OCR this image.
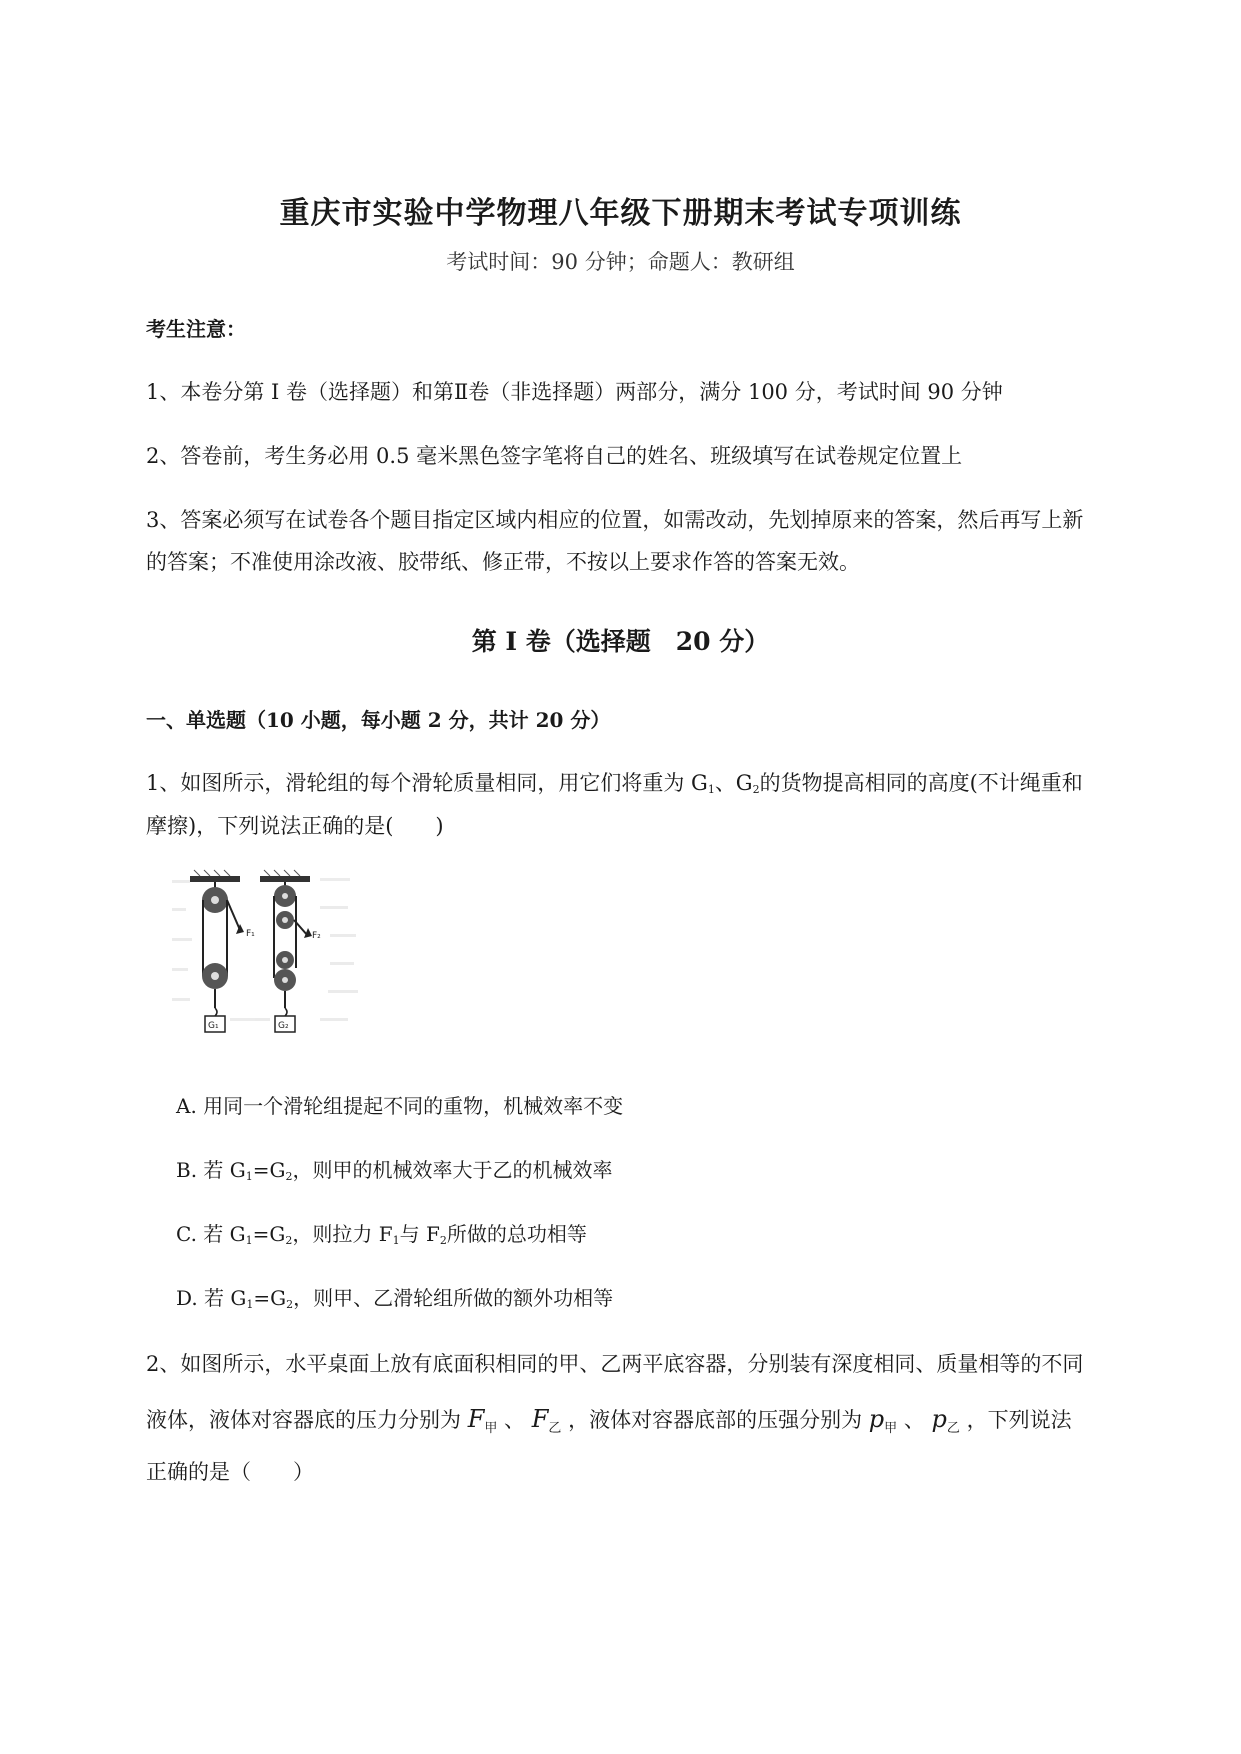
重庆市实验中学物理八年级下册期末考试专项训练
考试时间：90 分钟；命题人：教研组
考生注意：
1、本卷分第 I 卷（选择题）和第Ⅱ卷（非选择题）两部分，满分 100 分，考试时间 90 分钟
2、答卷前，考生务必用 0.5 毫米黑色签字笔将自己的姓名、班级填写在试卷规定位置上
3、答案必须写在试卷各个题目指定区域内相应的位置，如需改动，先划掉原来的答案，然后再写上新
的答案；不准使用涂改液、胶带纸、修正带，不按以上要求作答的答案无效。
第 I 卷（选择题　20 分）
一、单选题（10 小题，每小题 2 分，共计 20 分）
1、如图所示，滑轮组的每个滑轮质量相同，用它们将重为 $G_1$、$G_2$的货物提高相同的高度(不计绳重和
摩擦)，下列说法正确的是(　　)
F₁
G₁
F₂
G₂
A. 用同一个滑轮组提起不同的重物，机械效率不变
B. 若 $G_1=G_2$，则甲的机械效率大于乙的机械效率
C. 若 $G_1=G_2$，则拉力 $F_1$与 $F_2$所做的总功相等
D. 若 $G_1=G_2$，则甲、乙滑轮组所做的额外功相等
2、如图所示，水平桌面上放有底面积相同的甲、乙两平底容器，分别装有深度相同、质量相等的不同
液体，液体对容器底的压力分别为 $F_甲$ 、 $F_乙$ ，液体对容器底部的压强分别为 $p_甲$ 、 $p_乙$ ，下列说法
正确的是（　　）
